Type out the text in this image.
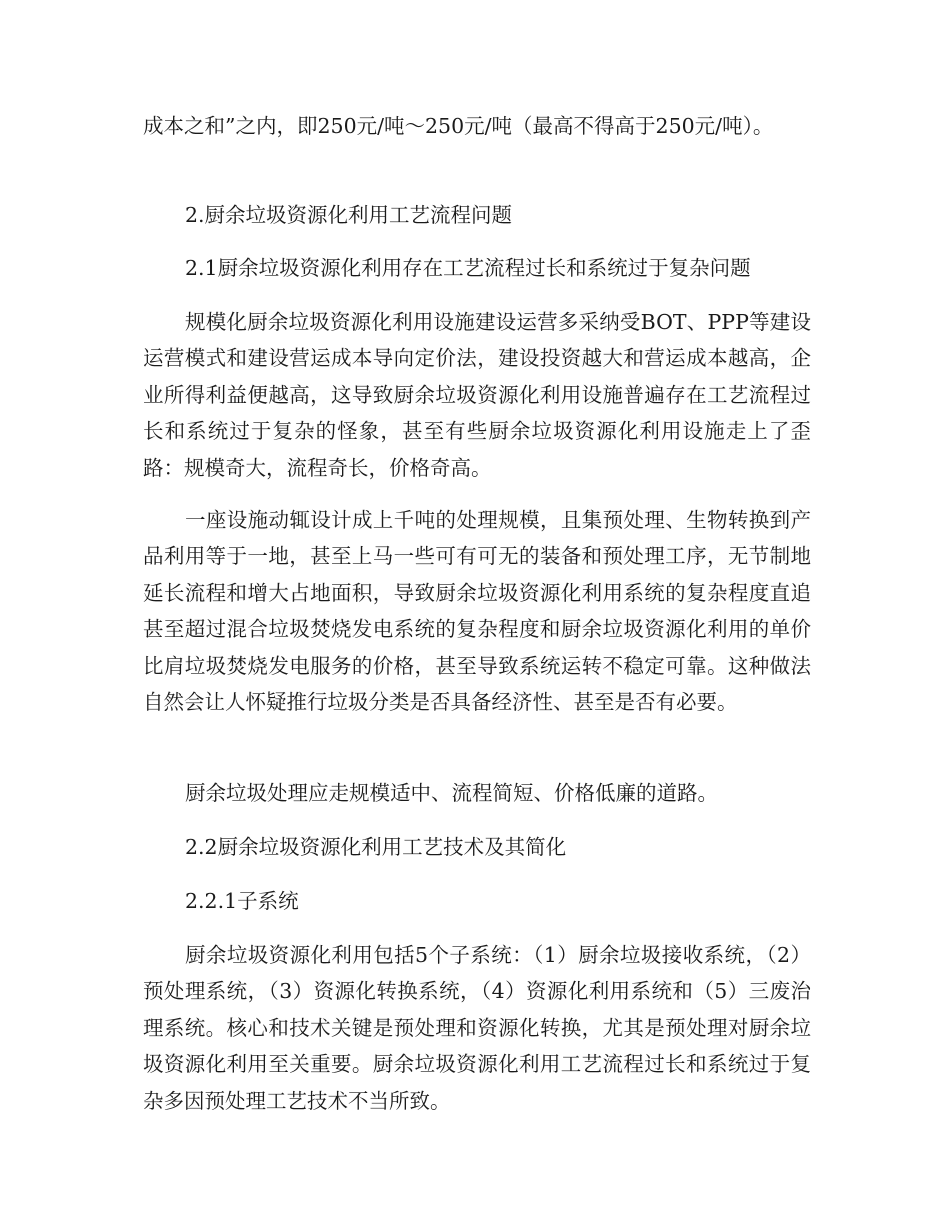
成本之和”之内，即250元/吨～250元/吨（最高不得高于250元/吨）。

2.厨余垃圾资源化利用工艺流程问题

2.1厨余垃圾资源化利用存在工艺流程过长和系统过于复杂问题

规模化厨余垃圾资源化利用设施建设运营多采纳受BOT、PPP等建设运营模式和建设营运成本导向定价法，建设投资越大和营运成本越高，企业所得利益便越高，这导致厨余垃圾资源化利用设施普遍存在工艺流程过长和系统过于复杂的怪象，甚至有些厨余垃圾资源化利用设施走上了歪路：规模奇大，流程奇长，价格奇高。

一座设施动辄设计成上千吨的处理规模，且集预处理、生物转换到产品利用等于一地，甚至上马一些可有可无的装备和预处理工序，无节制地延长流程和增大占地面积，导致厨余垃圾资源化利用系统的复杂程度直追甚至超过混合垃圾焚烧发电系统的复杂程度和厨余垃圾资源化利用的单价比肩垃圾焚烧发电服务的价格，甚至导致系统运转不稳定可靠。这种做法自然会让人怀疑推行垃圾分类是否具备经济性、甚至是否有必要。

厨余垃圾处理应走规模适中、流程简短、价格低廉的道路。

2.2厨余垃圾资源化利用工艺技术及其简化

2.2.1子系统

厨余垃圾资源化利用包括5个子系统：（1）厨余垃圾接收系统，（2）预处理系统，（3）资源化转换系统，（4）资源化利用系统和（5）三废治理系统。核心和技术关键是预处理和资源化转换，尤其是预处理对厨余垃圾资源化利用至关重要。厨余垃圾资源化利用工艺流程过长和系统过于复杂多因预处理工艺技术不当所致。
